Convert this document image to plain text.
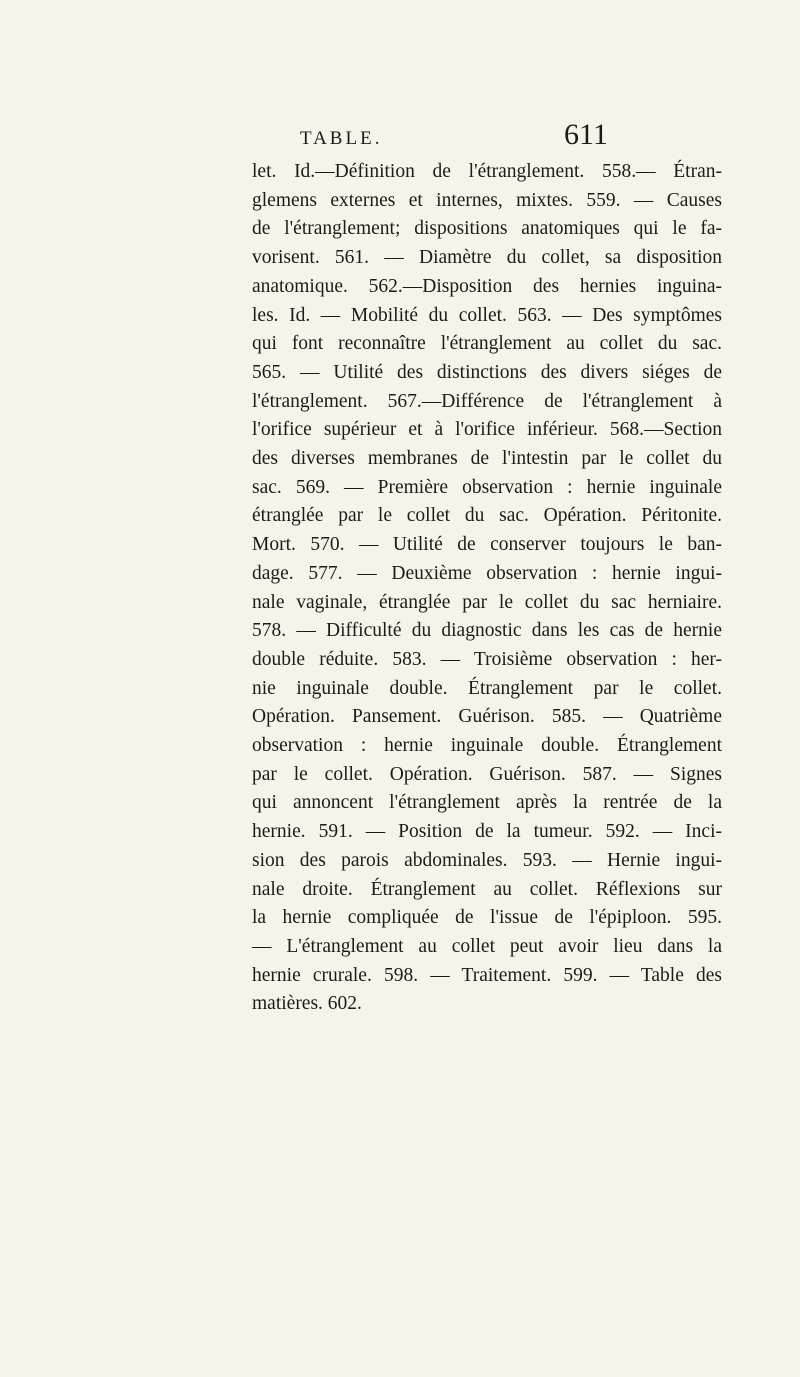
TABLE.	611
let. Id.—Définition de l'étranglement. 558.— Étran-
glemens externes et internes, mixtes. 559. — Causes
de l'étranglement; dispositions anatomiques qui le fa-
vorisent. 561. — Diamètre du collet, sa disposition
anatomique. 562.—Disposition des hernies inguina-
les. Id. — Mobilité du collet. 563. — Des symptômes
qui font reconnaître l'étranglement au collet du sac.
565. — Utilité des distinctions des divers siéges de
l'étranglement. 567.—Différence de l'étranglement à
l'orifice supérieur et à l'orifice inférieur. 568.—Section
des diverses membranes de l'intestin par le collet du
sac. 569. — Première observation : hernie inguinale
étranglée par le collet du sac. Opération. Péritonite.
Mort. 570. — Utilité de conserver toujours le ban-
dage. 577. — Deuxième observation : hernie ingui-
nale vaginale, étranglée par le collet du sac herniaire.
578. — Difficulté du diagnostic dans les cas de hernie
double réduite. 583. — Troisième observation : her-
nie inguinale double. Étranglement par le collet.
Opération. Pansement. Guérison. 585. — Quatrième
observation : hernie inguinale double. Étranglement
par le collet. Opération. Guérison. 587. — Signes
qui annoncent l'étranglement après la rentrée de la
hernie. 591. — Position de la tumeur. 592. — Inci-
sion des parois abdominales. 593. — Hernie ingui-
nale droite. Étranglement au collet. Réflexions sur
la hernie compliquée de l'issue de l'épiploon. 595.
— L'étranglement au collet peut avoir lieu dans la
hernie crurale. 598. — Traitement. 599. — Table des
matières. 602.
